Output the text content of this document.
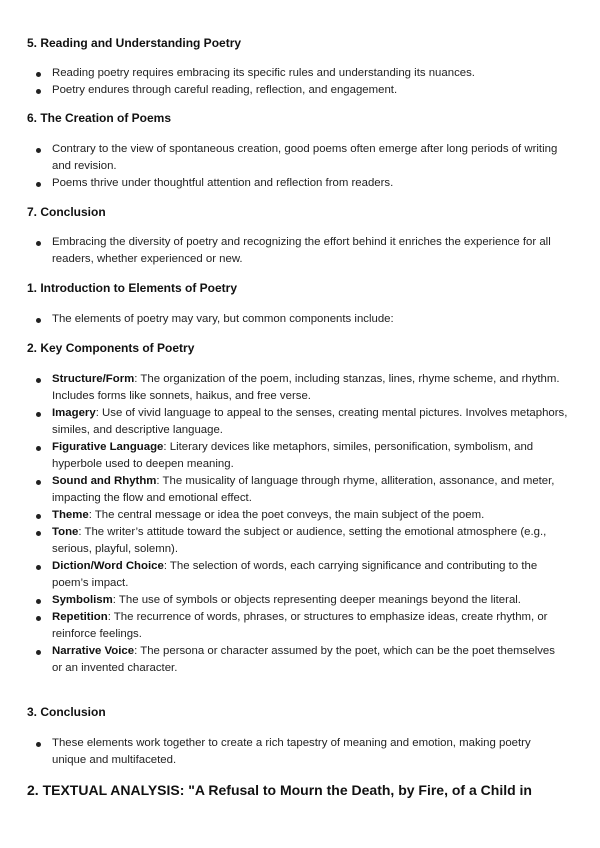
5. Reading and Understanding Poetry
Reading poetry requires embracing its specific rules and understanding its nuances.
Poetry endures through careful reading, reflection, and engagement.
6. The Creation of Poems
Contrary to the view of spontaneous creation, good poems often emerge after long periods of writing and revision.
Poems thrive under thoughtful attention and reflection from readers.
7. Conclusion
Embracing the diversity of poetry and recognizing the effort behind it enriches the experience for all readers, whether experienced or new.
1. Introduction to Elements of Poetry
The elements of poetry may vary, but common components include:
2. Key Components of Poetry
Structure/Form: The organization of the poem, including stanzas, lines, rhyme scheme, and rhythm. Includes forms like sonnets, haikus, and free verse.
Imagery: Use of vivid language to appeal to the senses, creating mental pictures. Involves metaphors, similes, and descriptive language.
Figurative Language: Literary devices like metaphors, similes, personification, symbolism, and hyperbole used to deepen meaning.
Sound and Rhythm: The musicality of language through rhyme, alliteration, assonance, and meter, impacting the flow and emotional effect.
Theme: The central message or idea the poet conveys, the main subject of the poem.
Tone: The writer’s attitude toward the subject or audience, setting the emotional atmosphere (e.g., serious, playful, solemn).
Diction/Word Choice: The selection of words, each carrying significance and contributing to the poem’s impact.
Symbolism: The use of symbols or objects representing deeper meanings beyond the literal.
Repetition: The recurrence of words, phrases, or structures to emphasize ideas, create rhythm, or reinforce feelings.
Narrative Voice: The persona or character assumed by the poet, which can be the poet themselves or an invented character.
3. Conclusion
These elements work together to create a rich tapestry of meaning and emotion, making poetry unique and multifaceted.
2. TEXTUAL ANALYSIS: "A Refusal to Mourn the Death, by Fire, of a Child in
